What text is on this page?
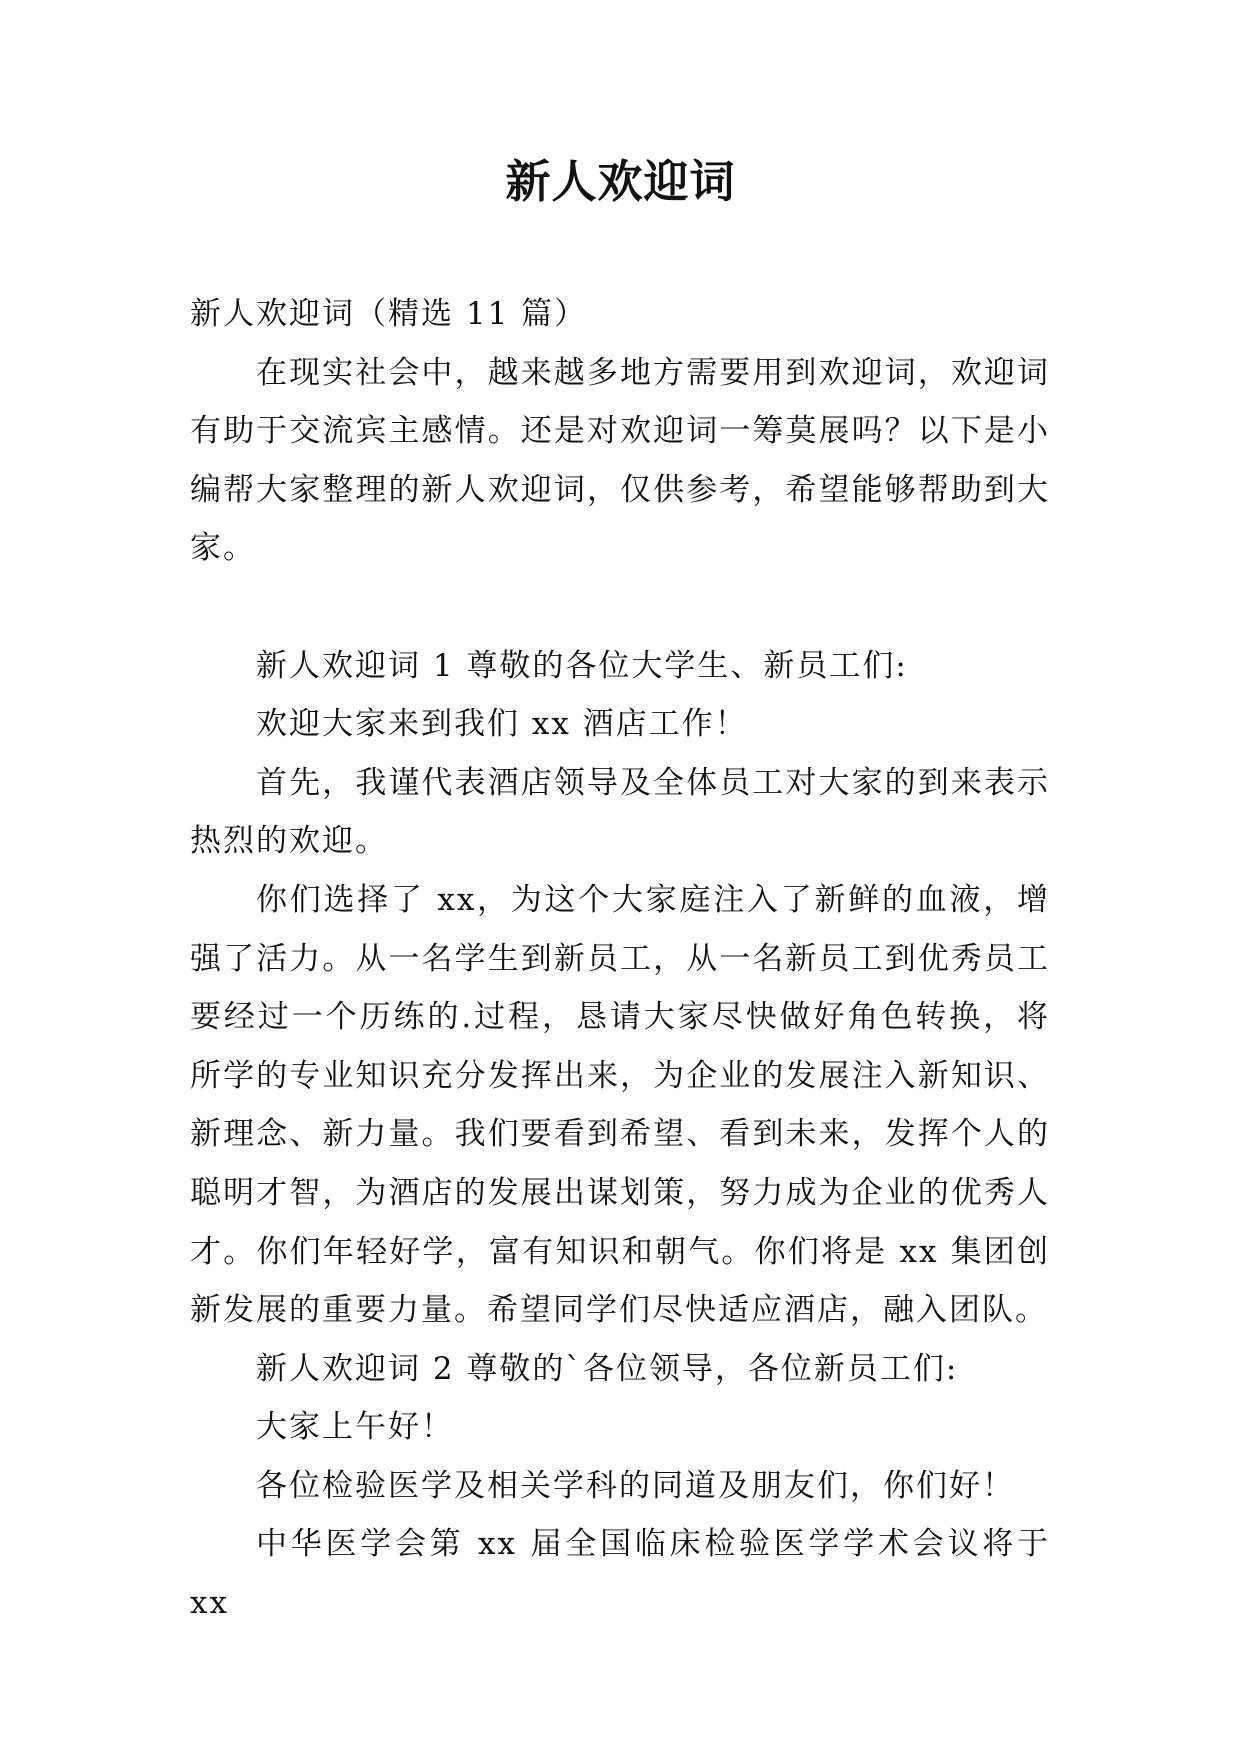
新人欢迎词

新人欢迎词（精选 11 篇）

在现实社会中，越来越多地方需要用到欢迎词，欢迎词有助于交流宾主感情。还是对欢迎词一筹莫展吗？以下是小编帮大家整理的新人欢迎词，仅供参考，希望能够帮助到大家。

新人欢迎词 1 尊敬的各位大学生、新员工们:

欢迎大家来到我们 xx 酒店工作！

首先，我谨代表酒店领导及全体员工对大家的到来表示热烈的欢迎。

你们选择了 xx，为这个大家庭注入了新鲜的血液，增强了活力。从一名学生到新员工，从一名新员工到优秀员工要经过一个历练的.过程，恳请大家尽快做好角色转换，将所学的专业知识充分发挥出来，为企业的发展注入新知识、新理念、新力量。我们要看到希望、看到未来，发挥个人的聪明才智，为酒店的发展出谋划策，努力成为企业的优秀人才。你们年轻好学，富有知识和朝气。你们将是 xx 集团创新发展的重要力量。希望同学们尽快适应酒店，融入团队。

新人欢迎词 2 尊敬的`各位领导，各位新员工们:

大家上午好！

各位检验医学及相关学科的同道及朋友们，你们好！

中华医学会第 xx 届全国临床检验医学学术会议将于 xx
